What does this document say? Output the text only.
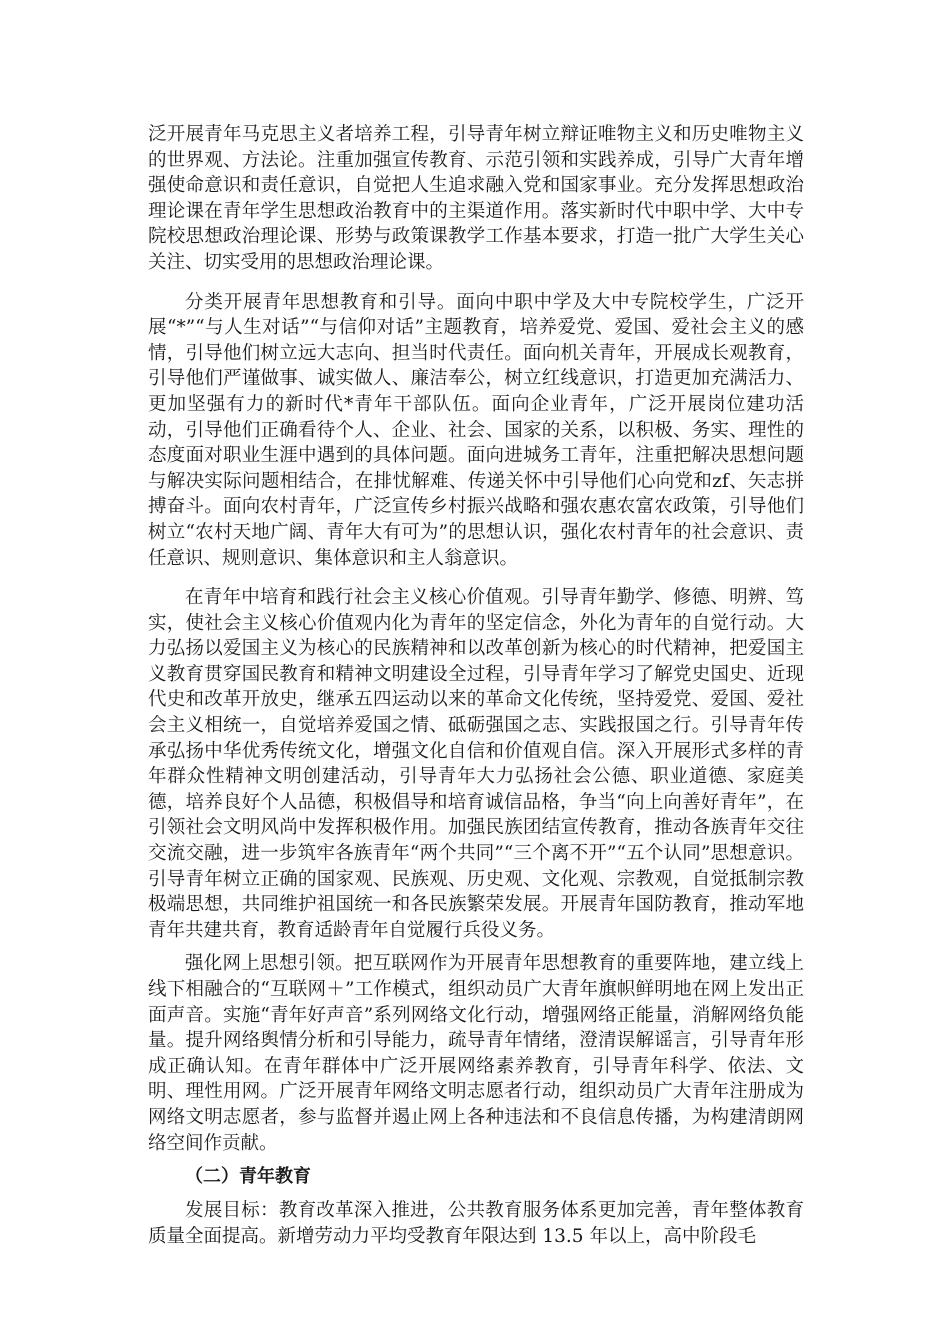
泛开展青年马克思主义者培养工程，引导青年树立辩证唯物主义和历史唯物主义的世界观、方法论。注重加强宣传教育、示范引领和实践养成，引导广大青年增强使命意识和责任意识，自觉把人生追求融入党和国家事业。充分发挥思想政治理论课在青年学生思想政治教育中的主渠道作用。落实新时代中职中学、大中专院校思想政治理论课、形势与政策课教学工作基本要求，打造一批广大学生关心关注、切实受用的思想政治理论课。

分类开展青年思想教育和引导。面向中职中学及大中专院校学生，广泛开展“*”“与人生对话”“与信仰对话”主题教育，培养爱党、爱国、爱社会主义的感情，引导他们树立远大志向、担当时代责任。面向机关青年，开展成长观教育，引导他们严谨做事、诚实做人、廉洁奉公，树立红线意识，打造更加充满活力、更加坚强有力的新时代*青年干部队伍。面向企业青年，广泛开展岗位建功活动，引导他们正确看待个人、企业、社会、国家的关系，以积极、务实、理性的态度面对职业生涯中遇到的具体问题。面向进城务工青年，注重把解决思想问题与解决实际问题相结合，在排忧解难、传递关怀中引导他们心向党和zf、矢志拼搏奋斗。面向农村青年，广泛宣传乡村振兴战略和强农惠农富农政策，引导他们树立“农村天地广阔、青年大有可为”的思想认识，强化农村青年的社会意识、责任意识、规则意识、集体意识和主人翁意识。

在青年中培育和践行社会主义核心价值观。引导青年勤学、修德、明辨、笃实，使社会主义核心价值观内化为青年的坚定信念，外化为青年的自觉行动。大力弘扬以爱国主义为核心的民族精神和以改革创新为核心的时代精神，把爱国主义教育贯穿国民教育和精神文明建设全过程，引导青年学习了解党史国史、近现代史和改革开放史，继承五四运动以来的革命文化传统，坚持爱党、爱国、爱社会主义相统一，自觉培养爱国之情、砥砺强国之志、实践报国之行。引导青年传承弘扬中华优秀传统文化，增强文化自信和价值观自信。深入开展形式多样的青年群众性精神文明创建活动，引导青年大力弘扬社会公德、职业道德、家庭美德，培养良好个人品德，积极倡导和培育诚信品格，争当“向上向善好青年”，在引领社会文明风尚中发挥积极作用。加强民族团结宣传教育，推动各族青年交往交流交融，进一步筑牢各族青年“两个共同”“三个离不开”“五个认同”思想意识。引导青年树立正确的国家观、民族观、历史观、文化观、宗教观，自觉抵制宗教极端思想，共同维护祖国统一和各民族繁荣发展。开展青年国防教育，推动军地青年共建共育，教育适龄青年自觉履行兵役义务。

强化网上思想引领。把互联网作为开展青年思想教育的重要阵地，建立线上线下相融合的“互联网＋”工作模式，组织动员广大青年旗帜鲜明地在网上发出正面声音。实施“青年好声音”系列网络文化行动，增强网络正能量，消解网络负能量。提升网络舆情分析和引导能力，疏导青年情绪，澄清误解谣言，引导青年形成正确认知。在青年群体中广泛开展网络素养教育，引导青年科学、依法、文明、理性用网。广泛开展青年网络文明志愿者行动，组织动员广大青年注册成为网络文明志愿者，参与监督并遏止网上各种违法和不良信息传播，为构建清朗网络空间作贡献。

（二）青年教育

发展目标：教育改革深入推进，公共教育服务体系更加完善，青年整体教育质量全面提高。新增劳动力平均受教育年限达到 13.5 年以上，高中阶段毛
